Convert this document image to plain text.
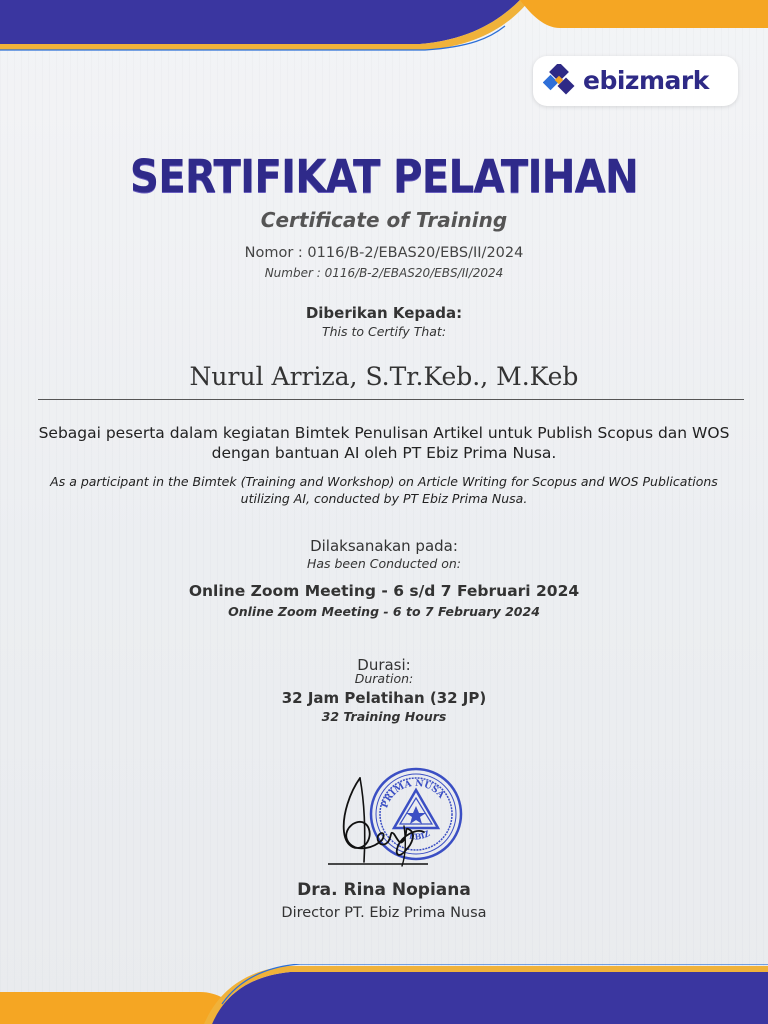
ebizmark
SERTIFIKAT PELATIHAN
Certificate of Training
Nomor : 0116/B-2/EBAS20/EBS/II/2024
Number : 0116/B-2/EBAS20/EBS/II/2024
Diberikan Kepada:
This to Certify That:
Nurul Arriza, S.Tr.Keb., M.Keb
Sebagai peserta dalam kegiatan Bimtek Penulisan Artikel untuk Publish Scopus dan WOS dengan bantuan AI oleh PT Ebiz Prima Nusa.
As a participant in the Bimtek (Training and Workshop) on Article Writing for Scopus and WOS Publications utilizing AI, conducted by PT Ebiz Prima Nusa.
Dilaksanakan pada:
Has been Conducted on:
Online Zoom Meeting - 6 s/d 7 Februari 2024
Online Zoom Meeting - 6 to 7 February 2024
Durasi:
Duration:
32 Jam Pelatihan (32 JP)
32 Training Hours
PRIMA NUSA
EBIZ
Dra. Rina Nopiana
Director PT. Ebiz Prima Nusa
